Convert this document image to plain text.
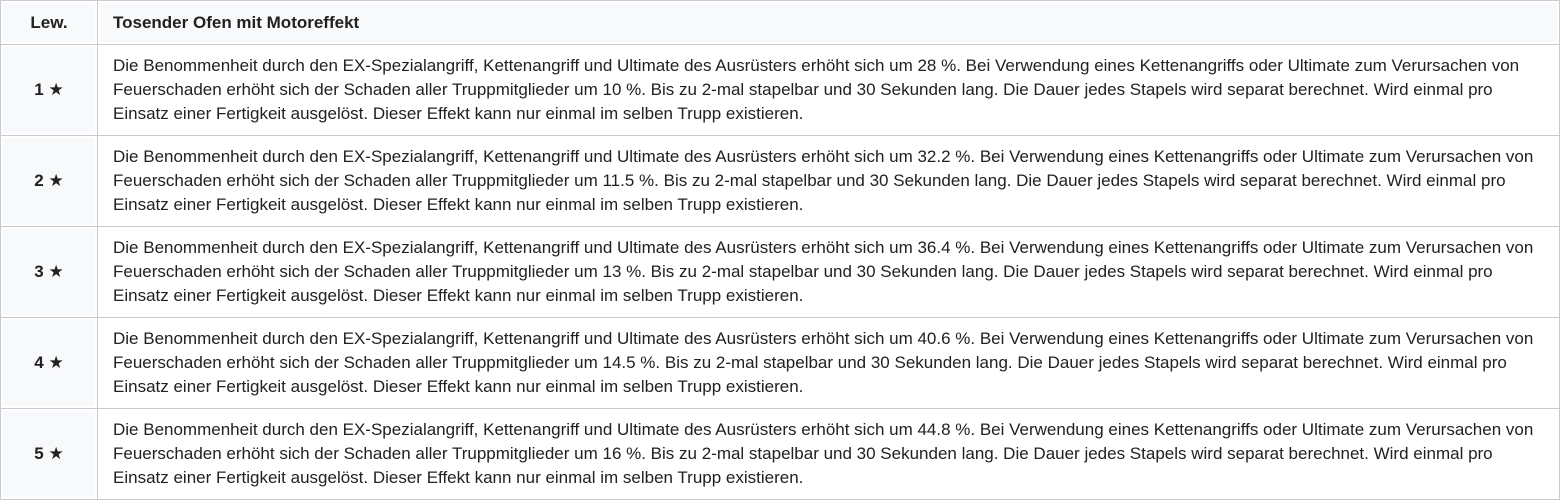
Lew.	Tosender Ofen mit Motoreffekt
1 ★	Die Benommenheit durch den EX-Spezialangriff, Kettenangriff und Ultimate des Ausrüsters erhöht sich um 28 %. Bei Verwendung eines Kettenangriffs oder Ultimate zum Verursachen von Feuerschaden erhöht sich der Schaden aller Truppmitglieder um 10 %. Bis zu 2-mal stapelbar und 30 Sekunden lang. Die Dauer jedes Stapels wird separat berechnet. Wird einmal pro Einsatz einer Fertigkeit ausgelöst. Dieser Effekt kann nur einmal im selben Trupp existieren.
2 ★	Die Benommenheit durch den EX-Spezialangriff, Kettenangriff und Ultimate des Ausrüsters erhöht sich um 32.2 %. Bei Verwendung eines Kettenangriffs oder Ultimate zum Verursachen von Feuerschaden erhöht sich der Schaden aller Truppmitglieder um 11.5 %. Bis zu 2-mal stapelbar und 30 Sekunden lang. Die Dauer jedes Stapels wird separat berechnet. Wird einmal pro Einsatz einer Fertigkeit ausgelöst. Dieser Effekt kann nur einmal im selben Trupp existieren.
3 ★	Die Benommenheit durch den EX-Spezialangriff, Kettenangriff und Ultimate des Ausrüsters erhöht sich um 36.4 %. Bei Verwendung eines Kettenangriffs oder Ultimate zum Verursachen von Feuerschaden erhöht sich der Schaden aller Truppmitglieder um 13 %. Bis zu 2-mal stapelbar und 30 Sekunden lang. Die Dauer jedes Stapels wird separat berechnet. Wird einmal pro Einsatz einer Fertigkeit ausgelöst. Dieser Effekt kann nur einmal im selben Trupp existieren.
4 ★	Die Benommenheit durch den EX-Spezialangriff, Kettenangriff und Ultimate des Ausrüsters erhöht sich um 40.6 %. Bei Verwendung eines Kettenangriffs oder Ultimate zum Verursachen von Feuerschaden erhöht sich der Schaden aller Truppmitglieder um 14.5 %. Bis zu 2-mal stapelbar und 30 Sekunden lang. Die Dauer jedes Stapels wird separat berechnet. Wird einmal pro Einsatz einer Fertigkeit ausgelöst. Dieser Effekt kann nur einmal im selben Trupp existieren.
5 ★	Die Benommenheit durch den EX-Spezialangriff, Kettenangriff und Ultimate des Ausrüsters erhöht sich um 44.8 %. Bei Verwendung eines Kettenangriffs oder Ultimate zum Verursachen von Feuerschaden erhöht sich der Schaden aller Truppmitglieder um 16 %. Bis zu 2-mal stapelbar und 30 Sekunden lang. Die Dauer jedes Stapels wird separat berechnet. Wird einmal pro Einsatz einer Fertigkeit ausgelöst. Dieser Effekt kann nur einmal im selben Trupp existieren.
